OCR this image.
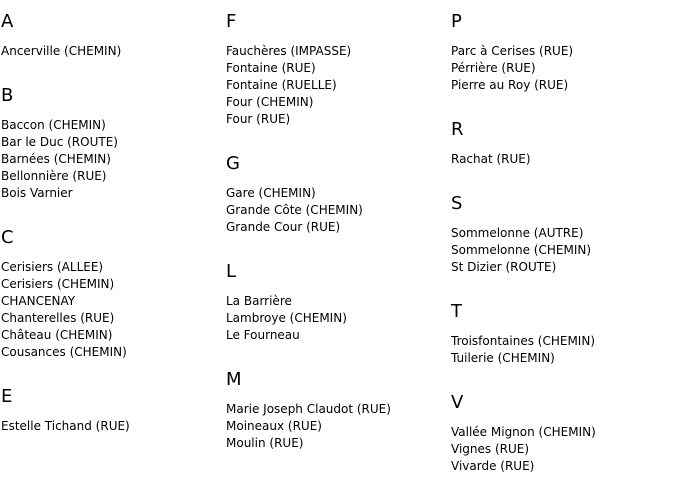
A
Ancerville (CHEMIN)
B
Baccon (CHEMIN)
Bar le Duc (ROUTE)
Barnées (CHEMIN)
Bellonnière (RUE)
Bois Varnier
C
Cerisiers (ALLEE)
Cerisiers (CHEMIN)
CHANCENAY
Chanterelles (RUE)
Château (CHEMIN)
Cousances (CHEMIN)
E
Estelle Tichand (RUE)
F
Fauchères (IMPASSE)
Fontaine (RUE)
Fontaine (RUELLE)
Four (CHEMIN)
Four (RUE)
G
Gare (CHEMIN)
Grande Côte (CHEMIN)
Grande Cour (RUE)
L
La Barrière
Lambroye (CHEMIN)
Le Fourneau
M
Marie Joseph Claudot (RUE)
Moineaux (RUE)
Moulin (RUE)
P
Parc à Cerises (RUE)
Pérrière (RUE)
Pierre au Roy (RUE)
R
Rachat (RUE)
S
Sommelonne (AUTRE)
Sommelonne (CHEMIN)
St Dizier (ROUTE)
T
Troisfontaines (CHEMIN)
Tuilerie (CHEMIN)
V
Vallée Mignon (CHEMIN)
Vignes (RUE)
Vivarde (RUE)
